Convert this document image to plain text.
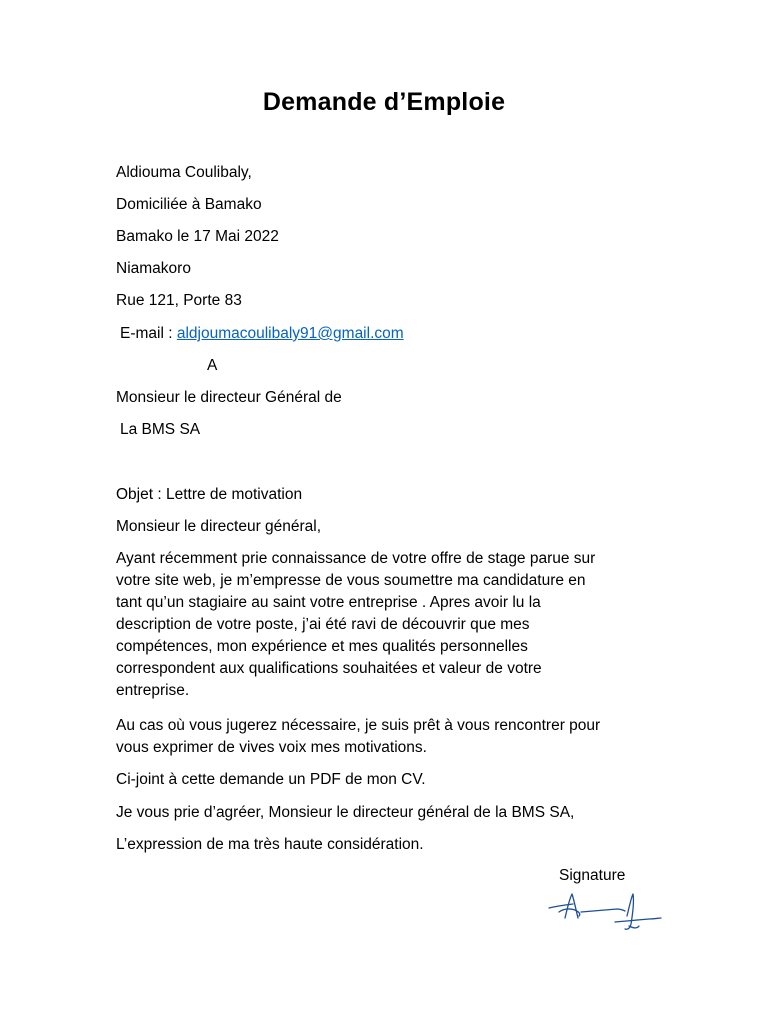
Demande d’Emploie
Aldiouma Coulibaly,
Domiciliée à Bamako
Bamako le 17 Mai 2022
Niamakoro
Rue 121, Porte 83
E-mail : aldjoumacoulibaly91@gmail.com
A
Monsieur le directeur Général de
La BMS SA
Objet : Lettre de motivation
Monsieur le directeur général,
Ayant récemment prie connaissance de votre offre de stage parue sur
votre site web, je m’empresse de vous soumettre ma candidature en
tant qu’un stagiaire au saint votre entreprise . Apres avoir lu la
description de votre poste, j’ai été ravi de découvrir que mes
compétences, mon expérience et mes qualités personnelles
correspondent aux qualifications souhaitées et valeur de votre
entreprise.
Au cas où vous jugerez nécessaire, je suis prêt à vous rencontrer pour
vous exprimer de vives voix mes motivations.
Ci-joint à cette demande un PDF de mon CV.
Je vous prie d’agréer, Monsieur le directeur général de la BMS SA,
L’expression de ma très haute considération.
Signature
